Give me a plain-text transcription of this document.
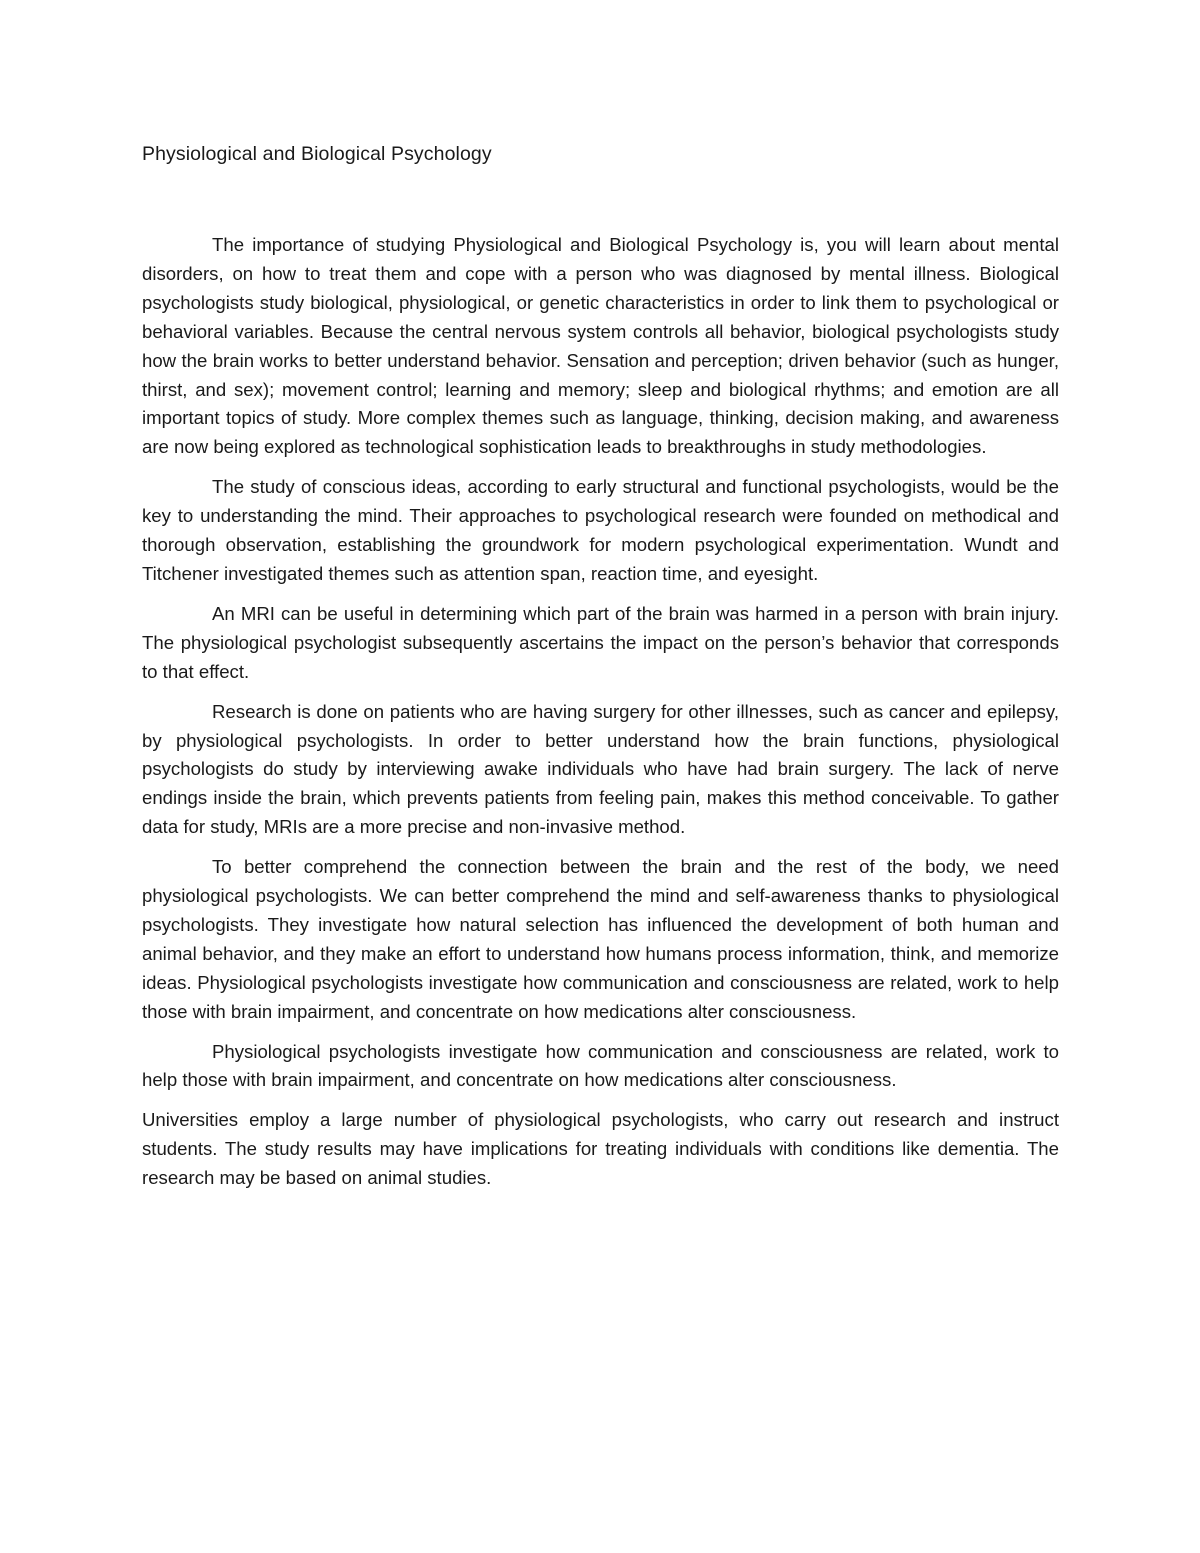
Physiological and Biological Psychology

The importance of studying Physiological and Biological Psychology is, you will learn about mental disorders, on how to treat them and cope with a person who was diagnosed by mental illness. Biological psychologists study biological, physiological, or genetic characteristics in order to link them to psychological or behavioral variables. Because the central nervous system controls all behavior, biological psychologists study how the brain works to better understand behavior. Sensation and perception; driven behavior (such as hunger, thirst, and sex); movement control; learning and memory; sleep and biological rhythms; and emotion are all important topics of study. More complex themes such as language, thinking, decision making, and awareness are now being explored as technological sophistication leads to breakthroughs in study methodologies.

The study of conscious ideas, according to early structural and functional psychologists, would be the key to understanding the mind. Their approaches to psychological research were founded on methodical and thorough observation, establishing the groundwork for modern psychological experimentation. Wundt and Titchener investigated themes such as attention span, reaction time, and eyesight.

An MRI can be useful in determining which part of the brain was harmed in a person with brain injury. The physiological psychologist subsequently ascertains the impact on the person’s behavior that corresponds to that effect.

Research is done on patients who are having surgery for other illnesses, such as cancer and epilepsy, by physiological psychologists. In order to better understand how the brain functions, physiological psychologists do study by interviewing awake individuals who have had brain surgery. The lack of nerve endings inside the brain, which prevents patients from feeling pain, makes this method conceivable. To gather data for study, MRIs are a more precise and non-invasive method.

To better comprehend the connection between the brain and the rest of the body, we need physiological psychologists. We can better comprehend the mind and self-awareness thanks to physiological psychologists. They investigate how natural selection has influenced the development of both human and animal behavior, and they make an effort to understand how humans process information, think, and memorize ideas. Physiological psychologists investigate how communication and consciousness are related, work to help those with brain impairment, and concentrate on how medications alter consciousness.

Physiological psychologists investigate how communication and consciousness are related, work to help those with brain impairment, and concentrate on how medications alter consciousness.

Universities employ a large number of physiological psychologists, who carry out research and instruct students. The study results may have implications for treating individuals with conditions like dementia. The research may be based on animal studies.
